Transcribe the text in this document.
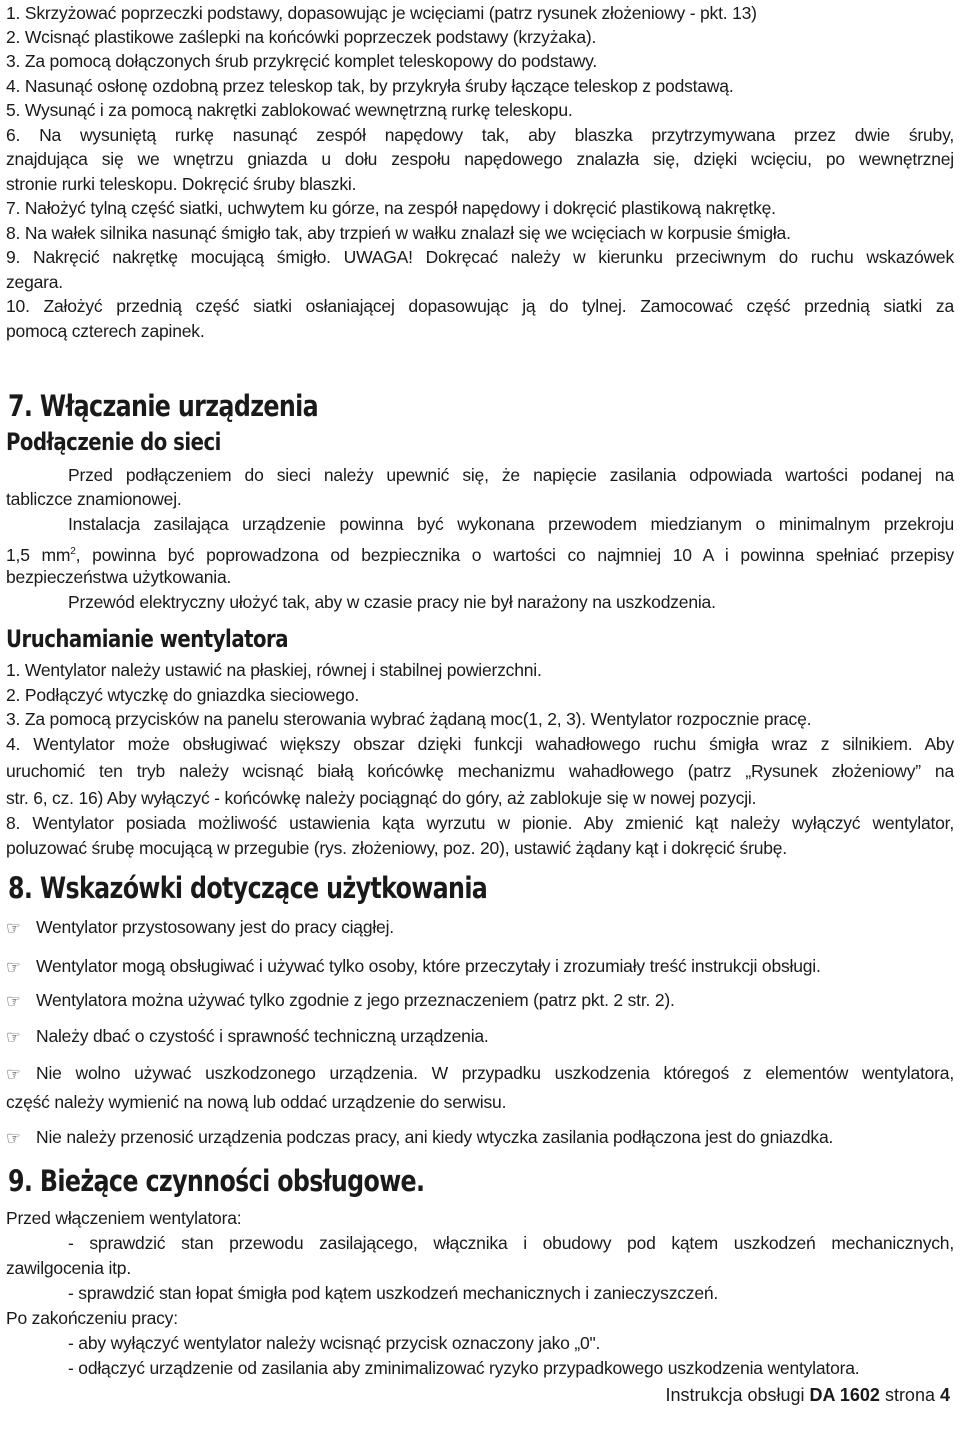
1. Skrzyżować poprzeczki podstawy, dopasowując je wcięciami (patrz rysunek złożeniowy - pkt. 13)
2. Wcisnąć plastikowe zaślepki na końcówki poprzeczek podstawy (krzyżaka).
3. Za pomocą dołączonych śrub przykręcić komplet teleskopowy do podstawy.
4. Nasunąć osłonę ozdobną przez teleskop tak, by przykryła śruby łączące teleskop z podstawą.
5. Wysunąć i za pomocą nakrętki zablokować wewnętrzną rurkę teleskopu.
6. Na wysuniętą rurkę nasunąć zespół napędowy tak, aby blaszka przytrzymywana przez dwie śruby,
znajdująca się we wnętrzu gniazda u dołu zespołu napędowego znalazła się, dzięki wcięciu, po wewnętrznej
stronie rurki teleskopu. Dokręcić śruby blaszki.
7. Nałożyć tylną część siatki, uchwytem ku górze, na zespół napędowy i dokręcić plastikową nakrętkę.
8. Na wałek silnika nasunąć śmigło tak, aby trzpień w wałku znalazł się we wcięciach w korpusie śmigła.
9. Nakręcić nakrętkę mocującą śmigło. UWAGA! Dokręcać należy w kierunku przeciwnym do ruchu wskazówek
zegara.
10. Założyć przednią część siatki osłaniającej dopasowując ją do tylnej. Zamocować część przednią siatki za
pomocą czterech zapinek.
7. Włączanie urządzenia
Podłączenie do sieci
Przed podłączeniem do sieci należy upewnić się, że napięcie zasilania odpowiada wartości podanej na
tabliczce znamionowej.
Instalacja zasilająca urządzenie powinna być wykonana przewodem miedzianym o minimalnym przekroju
1,5 $mm^2$, powinna być poprowadzona od bezpiecznika o wartości co najmniej 10 A i powinna spełniać przepisy
bezpieczeństwa użytkowania.
Przewód elektryczny ułożyć tak, aby w czasie pracy nie był narażony na uszkodzenia.
Uruchamianie wentylatora
1. Wentylator należy ustawić na płaskiej, równej i stabilnej powierzchni.
2. Podłączyć wtyczkę do gniazdka sieciowego.
3. Za pomocą przycisków na panelu sterowania wybrać żądaną moc(1, 2, 3). Wentylator rozpocznie pracę.
4. Wentylator może obsługiwać większy obszar dzięki funkcji wahadłowego ruchu śmigła wraz z silnikiem. Aby
uruchomić ten tryb należy wcisnąć białą końcówkę mechanizmu wahadłowego (patrz „Rysunek złożeniowy” na
str. 6, cz. 16) Aby wyłączyć - końcówkę należy pociągnąć do góry, aż zablokuje się w nowej pozycji.
8. Wentylator posiada możliwość ustawienia kąta wyrzutu w pionie. Aby zmienić kąt należy wyłączyć wentylator,
poluzować śrubę mocującą w przegubie (rys. złożeniowy, poz. 20), ustawić żądany kąt i dokręcić śrubę.
8. Wskazówki dotyczące użytkowania
☞ Wentylator przystosowany jest do pracy ciągłej.
☞ Wentylator mogą obsługiwać i używać tylko osoby, które przeczytały i zrozumiały treść instrukcji obsługi.
☞ Wentylatora można używać tylko zgodnie z jego przeznaczeniem (patrz pkt. 2 str. 2).
☞ Należy dbać o czystość i sprawność techniczną urządzenia.
☞ Nie wolno używać uszkodzonego urządzenia. W przypadku uszkodzenia któregoś z elementów wentylatora,
część należy wymienić na nową lub oddać urządzenie do serwisu.
☞ Nie należy przenosić urządzenia podczas pracy, ani kiedy wtyczka zasilania podłączona jest do gniazdka.
9. Bieżące czynności obsługowe.
Przed włączeniem wentylatora:
- sprawdzić stan przewodu zasilającego, włącznika i obudowy pod kątem uszkodzeń mechanicznych,
zawilgocenia itp.
- sprawdzić stan łopat śmigła pod kątem uszkodzeń mechanicznych i zanieczyszczeń.
Po zakończeniu pracy:
- aby wyłączyć wentylator należy wcisnąć przycisk oznaczony jako „0".
- odłączyć urządzenie od zasilania aby zminimalizować ryzyko przypadkowego uszkodzenia wentylatora.
Instrukcja obsługi DA 1602 strona 4
